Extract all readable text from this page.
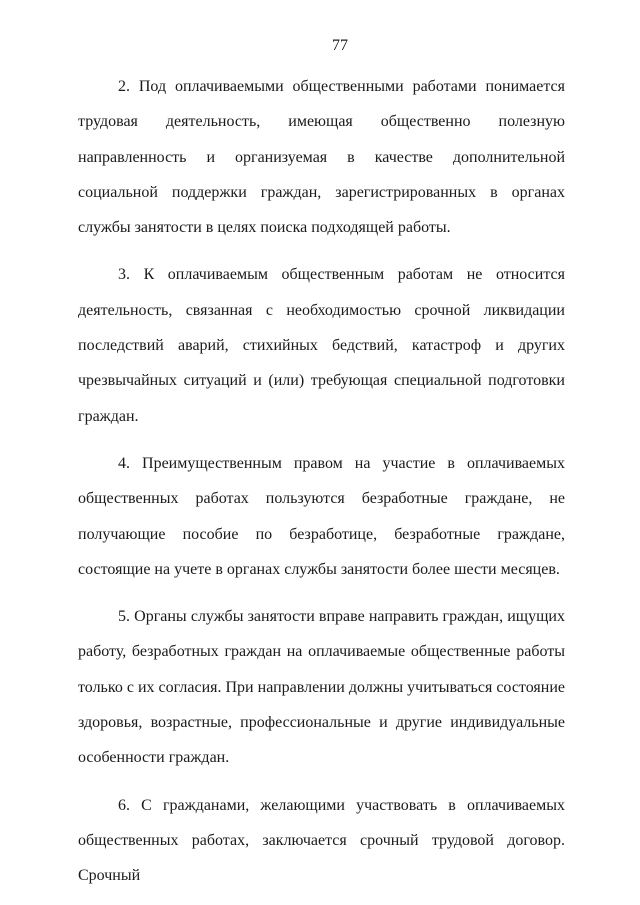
77

2. Под оплачиваемыми общественными работами понимается трудовая деятельность, имеющая общественно полезную направленность и организуемая в качестве дополнительной социальной поддержки граждан, зарегистрированных в органах службы занятости в целях поиска подходящей работы.

3. К оплачиваемым общественным работам не относится деятельность, связанная с необходимостью срочной ликвидации последствий аварий, стихийных бедствий, катастроф и других чрезвычайных ситуаций и (или) требующая специальной подготовки граждан.

4. Преимущественным правом на участие в оплачиваемых общественных работах пользуются безработные граждане, не получающие пособие по безработице, безработные граждане, состоящие на учете в органах службы занятости более шести месяцев.

5. Органы службы занятости вправе направить граждан, ищущих работу, безработных граждан на оплачиваемые общественные работы только с их согласия. При направлении должны учитываться состояние здоровья, возрастные, профессиональные и другие индивидуальные особенности граждан.

6. С гражданами, желающими участвовать в оплачиваемых общественных работах, заключается срочный трудовой договор. Срочный
